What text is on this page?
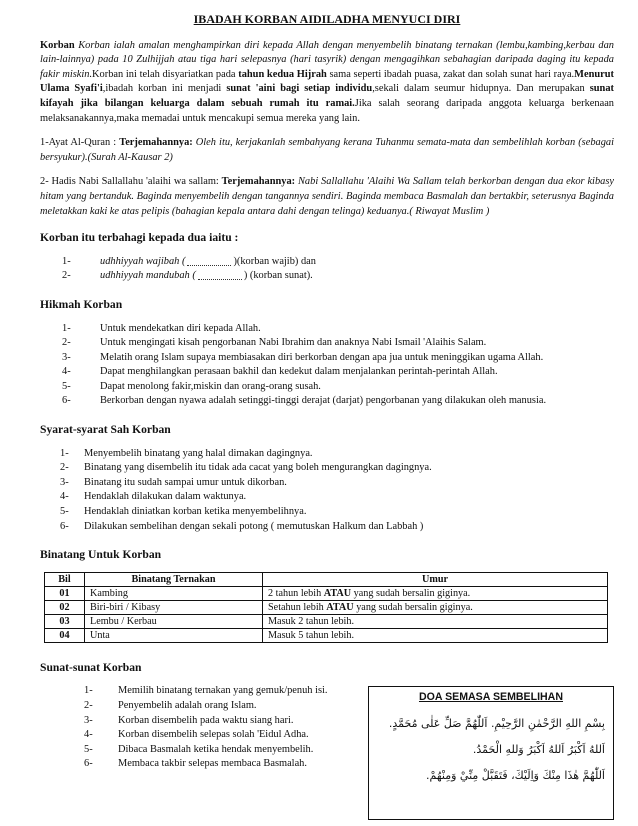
IBADAH KORBAN AIDILADHA MENYUCI DIRI

Korban Korban ialah amalan menghampirkan diri kepada Allah dengan menyembelih binatang ternakan (lembu,kambing,kerbau dan lain-lainnya) pada 10 Zulhijjah atau tiga hari selepasnya (hari tasyrik) dengan mengagihkan sebahagian daripada daging itu kepada fakir miskin.Korban ini telah disyariatkan pada tahun kedua Hijrah sama seperti ibadah puasa, zakat dan solah sunat hari raya.Menurut Ulama Syafi'i,ibadah korban ini menjadi sunat 'aini bagi setiap individu,sekali dalam seumur hidupnya. Dan merupakan sunat kifayah jika bilangan keluarga dalam sebuah rumah itu ramai.Jika salah seorang daripada anggota keluarga berkenaan melaksanakannya,maka memadai untuk mencakupi semua mereka yang lain.

1-Ayat Al-Quran : Terjemahannya: Oleh itu, kerjakanlah sembahyang kerana Tuhanmu semata-mata dan sembelihlah korban (sebagai bersyukur).(Surah Al-Kausar 2)

2- Hadis Nabi Sallallahu 'alaihi wa sallam: Terjemahannya: Nabi Sallallahu 'Alaihi Wa Sallam telah berkorban dengan dua ekor kibasy hitam yang bertanduk. Baginda menyembelih dengan tangannya sendiri. Baginda membaca Basmalah dan bertakbir, seterusnya Baginda meletakkan kaki ke atas pelipis (bahagian kepala antara dahi dengan telinga) keduanya.( Riwayat Muslim )

Korban itu terbahagi kepada dua iaitu :
1-	udhhiyyah wajibah (	)(korban wajib) dan
2-	udhhiyyah mandubah (	) (korban sunat).
Hikmah Korban
1-	Untuk mendekatkan diri kepada Allah.
2-	Untuk mengingati kisah pengorbanan Nabi Ibrahim dan anaknya Nabi Ismail 'Alaihis Salam.
3-	Melatih orang Islam supaya membiasakan diri berkorban dengan apa jua untuk meninggikan ugama Allah.
4-	Dapat menghilangkan perasaan bakhil dan kedekut dalam menjalankan perintah-perintah Allah.
5-	Dapat menolong fakir,miskin dan orang-orang susah.
6-	Berkorban dengan nyawa adalah setinggi-tinggi derajat (darjat) pengorbanan yang dilakukan oleh manusia.
Syarat-syarat Sah Korban
1-	Menyembelih binatang yang halal dimakan dagingnya.
2-	Binatang yang disembelih itu tidak ada cacat yang boleh mengurangkan dagingnya.
3-	Binatang itu sudah sampai umur untuk dikorban.
4-	Hendaklah dilakukan dalam waktunya.
5-	Hendaklah diniatkan korban ketika menyembelihnya.
6-	Dilakukan sembelihan dengan sekali potong ( memutuskan Halkum dan Labbah )
Binatang Untuk Korban
Bil	Binatang Ternakan	Umur
01	Kambing	2 tahun lebih ATAU yang sudah bersalin giginya.
02	Biri-biri / Kibasy	Setahun lebih ATAU yang sudah bersalin giginya.
03	Lembu / Kerbau	Masuk 2 tahun lebih.
04	Unta	Masuk 5 tahun lebih.
Sunat-sunat Korban
1-	Memilih binatang ternakan yang gemuk/penuh isi.
2-	Penyembelih adalah orang Islam.
3-	Korban disembelih pada waktu siang hari.
4-	Korban disembelih selepas solah 'Eidul Adha.
5-	Dibaca Basmalah ketika hendak menyembelih.
6-	Membaca takbir selepas membaca Basmalah.
DOA SEMASA SEMBELIHAN
بِسْمِ اللهِ الرَّحْمٰنِ الرَّحِيْمِ. اَللّٰهُمَّ صَلِّ عَلٰى مُحَمَّدٍ.
اَللهُ اَكْبَرُ اَللهُ اَكْبَرُ وَللهِ الْحَمْدُ.
اَللّٰهُمَّ هٰذَا مِنْكَ وَاِلَيْكَ، فَتَقَبَّلْ مِنِّيْ وَمِنْهُمْ.
